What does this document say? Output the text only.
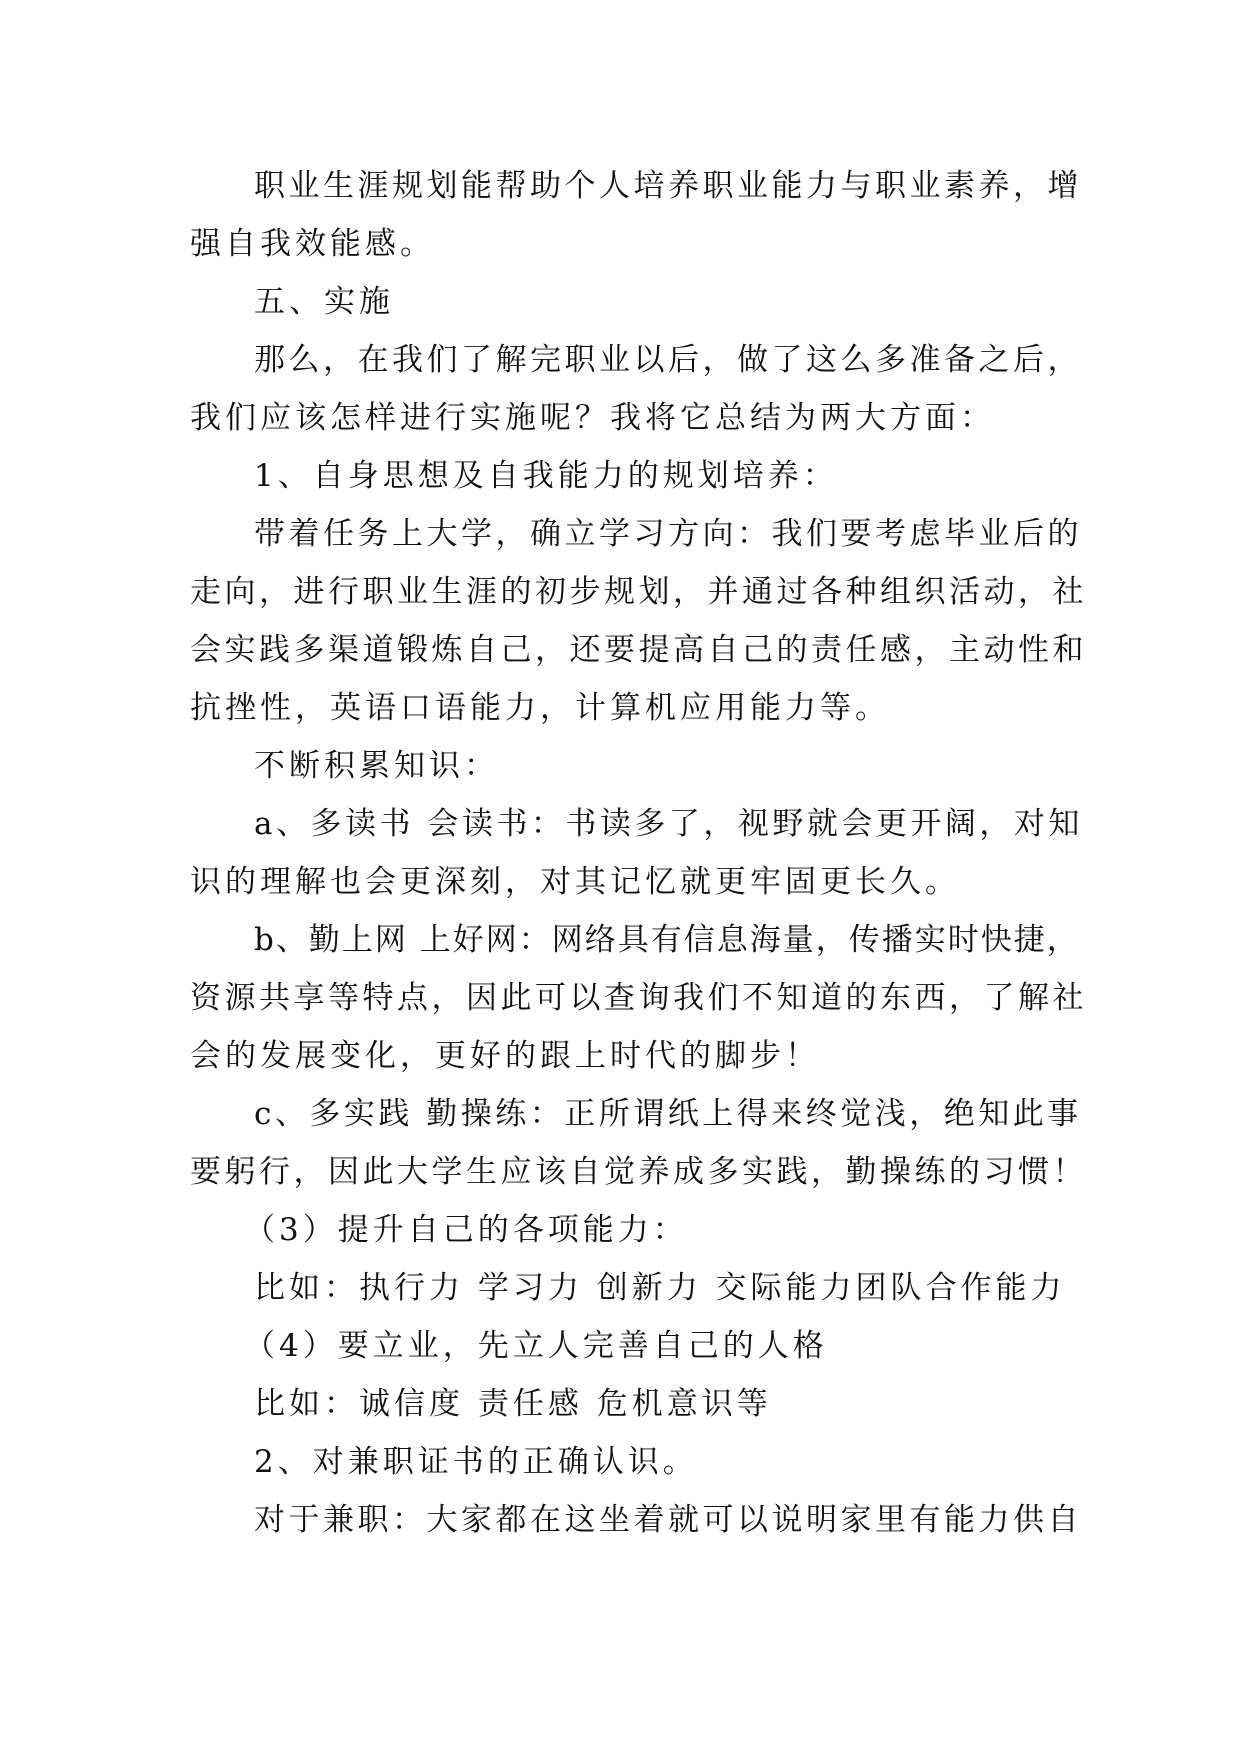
职业生涯规划能帮助个人培养职业能力与职业素养，增
强自我效能感。
五、实施
那么，在我们了解完职业以后，做了这么多准备之后，
我们应该怎样进行实施呢？我将它总结为两大方面：
1、自身思想及自我能力的规划培养：
带着任务上大学，确立学习方向：我们要考虑毕业后的
走向，进行职业生涯的初步规划，并通过各种组织活动，社
会实践多渠道锻炼自己，还要提高自己的责任感，主动性和
抗挫性，英语口语能力，计算机应用能力等。
不断积累知识：
a、多读书 会读书：书读多了，视野就会更开阔，对知
识的理解也会更深刻，对其记忆就更牢固更长久。
b、勤上网 上好网：网络具有信息海量，传播实时快捷，
资源共享等特点，因此可以查询我们不知道的东西，了解社
会的发展变化，更好的跟上时代的脚步！
c、多实践 勤操练：正所谓纸上得来终觉浅，绝知此事
要躬行，因此大学生应该自觉养成多实践，勤操练的习惯！
（3）提升自己的各项能力：
比如：执行力 学习力 创新力 交际能力团队合作能力
（4）要立业，先立人完善自己的人格
比如：诚信度 责任感 危机意识等
2、对兼职证书的正确认识。
对于兼职：大家都在这坐着就可以说明家里有能力供自
